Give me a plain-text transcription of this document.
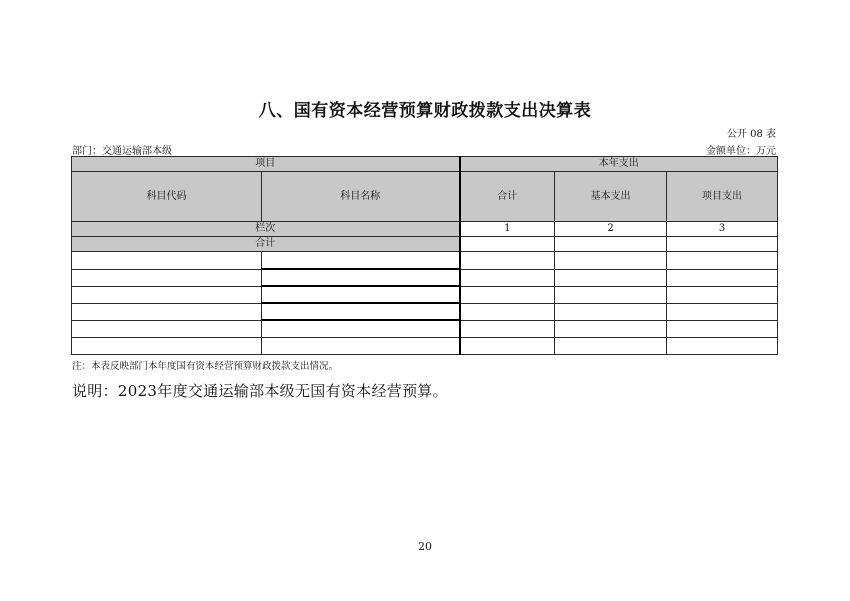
八、国有资本经营预算财政拨款支出决算表
公开 08 表
部门：交通运输部本级	金额单位：万元
项目		本年支出		
科目代码	科目名称	合计	基本支出	项目支出
栏次		1	2	3
合计				

注：本表反映部门本年度国有资本经营预算财政拨款支出情况。
说明：2023年度交通运输部本级无国有资本经营预算。
20
